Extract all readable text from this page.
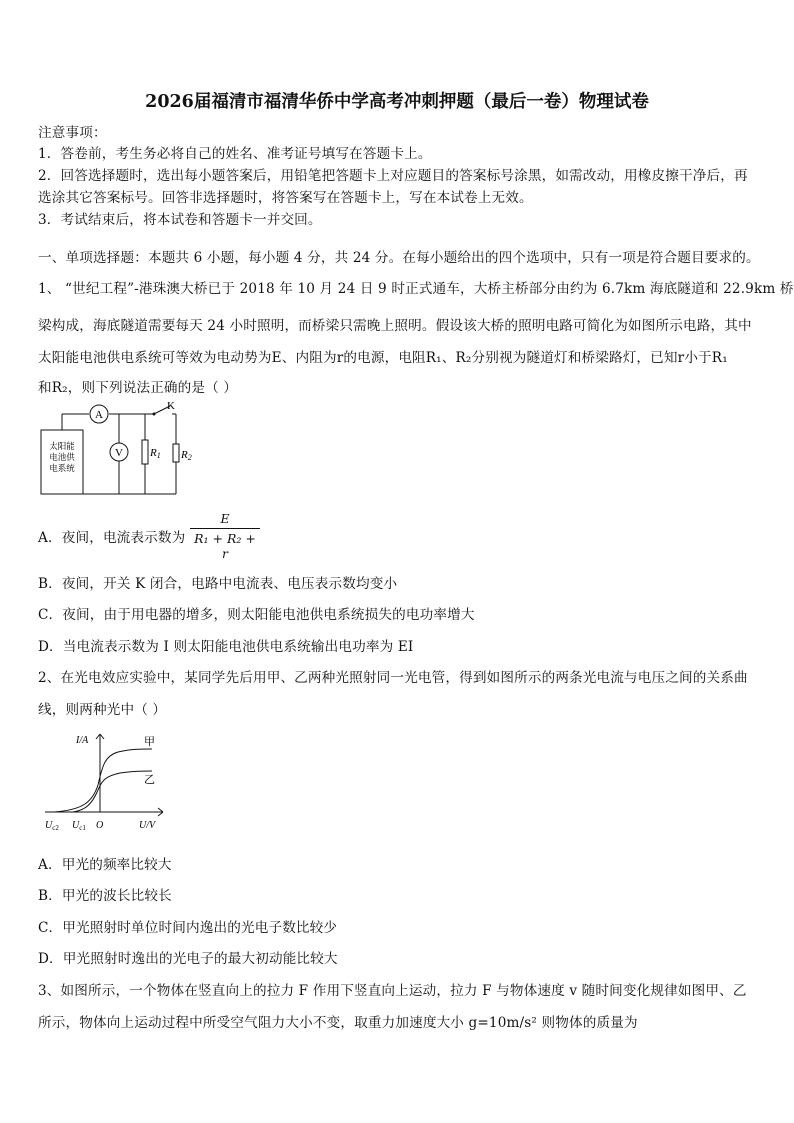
2026届福清市福清华侨中学高考冲刺押题（最后一卷）物理试卷
注意事项：
1．答卷前，考生务必将自己的姓名、准考证号填写在答题卡上。
2．回答选择题时，选出每小题答案后，用铅笔把答题卡上对应题目的答案标号涂黑，如需改动，用橡皮擦干净后，再
选涂其它答案标号。回答非选择题时，将答案写在答题卡上，写在本试卷上无效。
3．考试结束后，将本试卷和答题卡一并交回。
一、单项选择题：本题共 6 小题，每小题 4 分，共 24 分。在每小题给出的四个选项中，只有一项是符合题目要求的。
1、 “世纪工程”-港珠澳大桥已于 2018 年 10 月 24 日 9 时正式通车，大桥主桥部分由约为 6.7km 海底隧道和 22.9km 桥
梁构成，海底隧道需要每天 24 小时照明，而桥梁只需晚上照明。假设该大桥的照明电路可简化为如图所示电路，其中
太阳能电池供电系统可等效为电动势为E、内阻为r的电源，电阻R₁、R₂分别视为隧道灯和桥梁路灯，已知r小于R₁
和R₂，则下列说法正确的是（ ）
A
V
K
R1 R2
太阳能
电池供
电系统
A．夜间，电流表示数为
E
R₁ + R₂ + r
B．夜间，开关 K 闭合，电路中电流表、电压表示数均变小
C．夜间，由于用电器的增多，则太阳能电池供电系统损失的电功率增大
D．当电流表示数为 I 则太阳能电池供电系统输出电功率为 EI
2、在光电效应实验中，某同学先后用甲、乙两种光照射同一光电管，得到如图所示的两条光电流与电压之间的关系曲
线，则两种光中（ ）
I/A
U/V
甲
乙
$U_{c2}$ $U_{c1}$ O
A．甲光的频率比较大
B．甲光的波长比较长
C．甲光照射时单位时间内逸出的光电子数比较少
D．甲光照射时逸出的光电子的最大初动能比较大
3、如图所示，一个物体在竖直向上的拉力 F 作用下竖直向上运动，拉力 F 与物体速度 v 随时间变化规律如图甲、乙
所示，物体向上运动过程中所受空气阻力大小不变，取重力加速度大小 g=10m/s² 则物体的质量为
